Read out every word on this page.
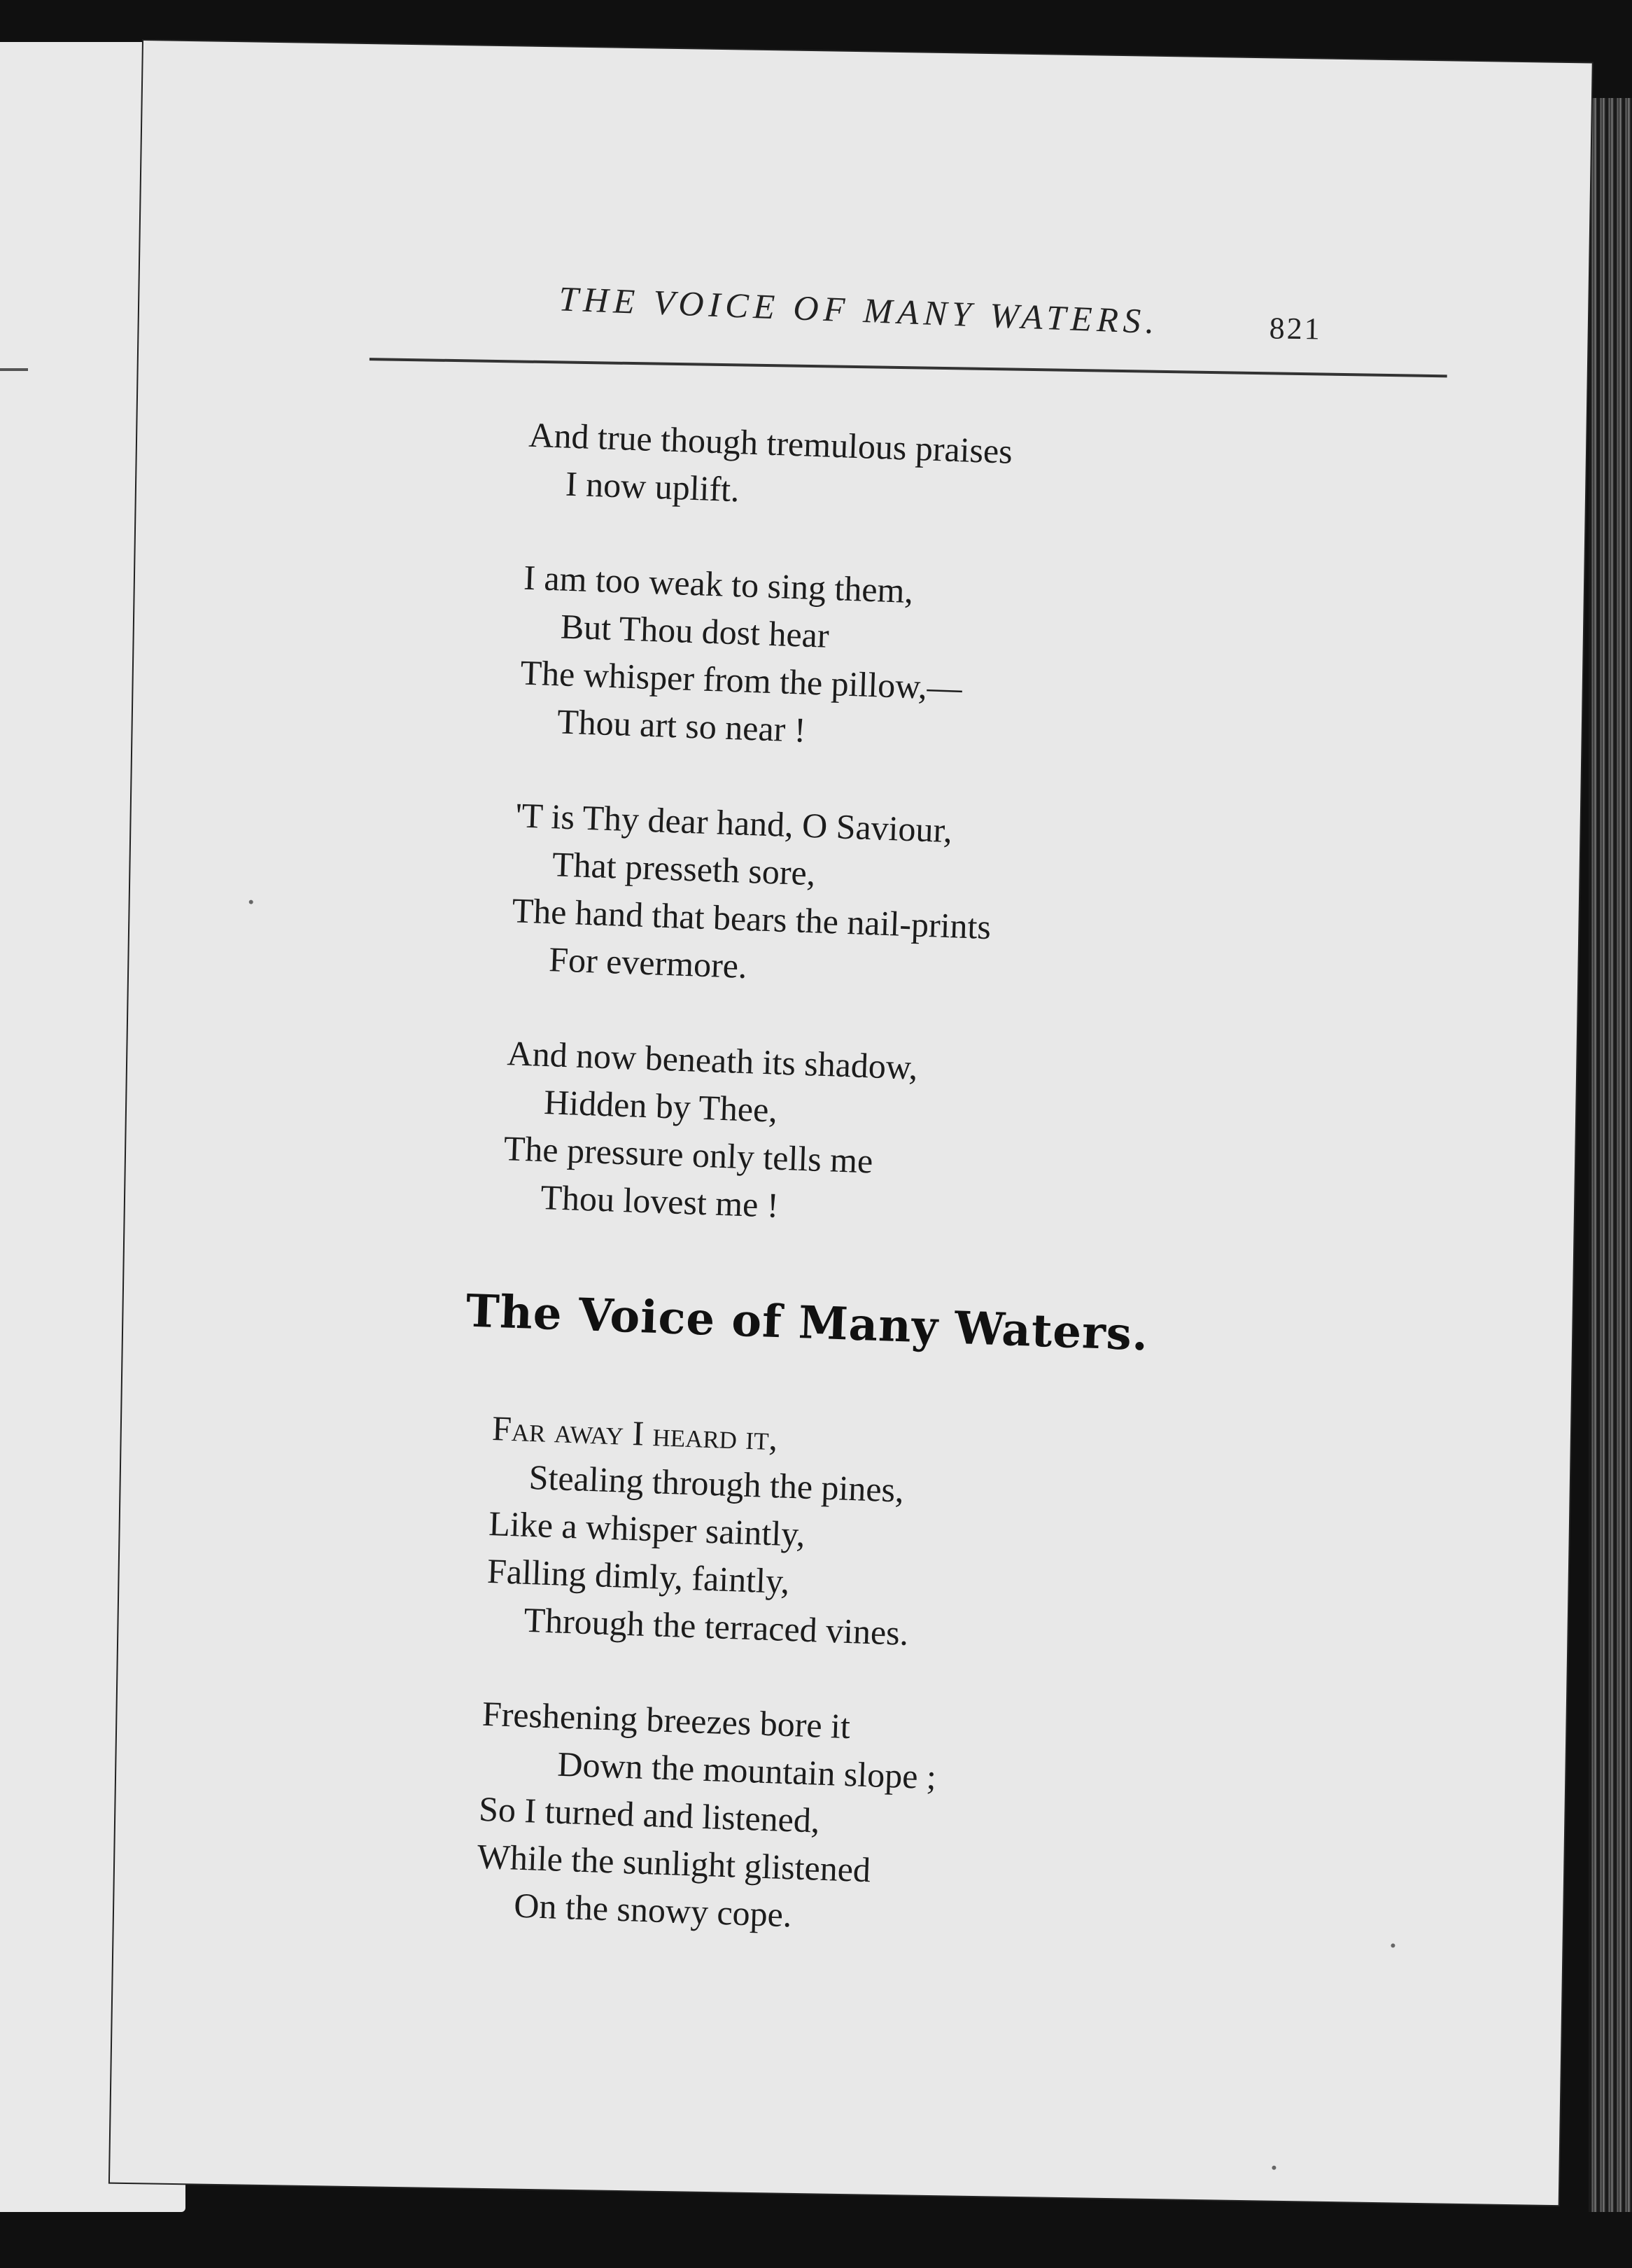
THE VOICE OF MANY WATERS.	821
And true though tremulous praises
I now uplift.
I am too weak to sing them,
But Thou dost hear
The whisper from the pillow,—
Thou art so near !
'T is Thy dear hand, O Saviour,
That presseth sore,
The hand that bears the nail-prints
For evermore.
And now beneath its shadow,
Hidden by Thee,
The pressure only tells me
Thou lovest me !
The Voice of Many Waters.
Far away I heard it,
Stealing through the pines,
Like a whisper saintly,
Falling dimly, faintly,
Through the terraced vines.
Freshening breezes bore it
Down the mountain slope ;
So I turned and listened,
While the sunlight glistened
On the snowy cope.
